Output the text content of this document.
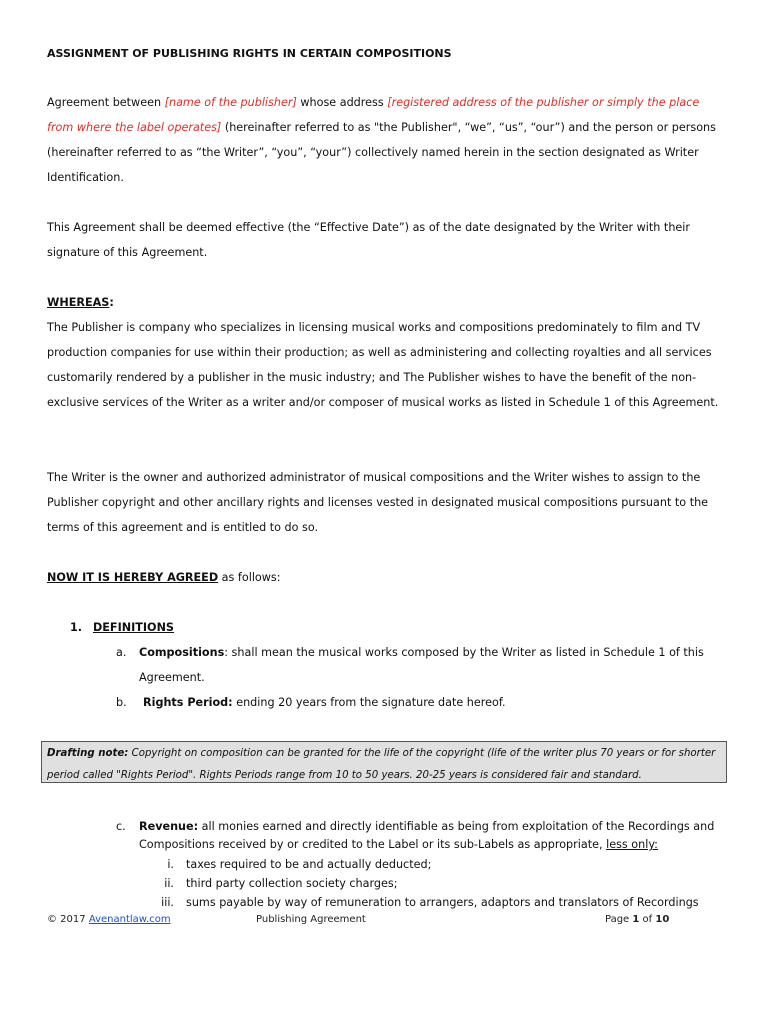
ASSIGNMENT OF PUBLISHING RIGHTS IN CERTAIN COMPOSITIONS
Agreement between [name of the publisher] whose address [registered address of the publisher or simply the place from where the label operates] (hereinafter referred to as "the Publisher", “we”, “us”, “our”) and the person or persons (hereinafter referred to as “the Writer”, “you”, “your”) collectively named herein in the section designated as Writer Identification.
This Agreement shall be deemed effective (the “Effective Date”) as of the date designated by the Writer with their signature of this Agreement.
WHEREAS:
The Publisher is company who specializes in licensing musical works and compositions predominately to film and TV production companies for use within their production; as well as administering and collecting royalties and all services customarily rendered by a publisher in the music industry; and The Publisher wishes to have the benefit of the non-exclusive services of the Writer as a writer and/or composer of musical works as listed in Schedule 1 of this Agreement.
The Writer is the owner and authorized administrator of musical compositions and the Writer wishes to assign to the Publisher copyright and other ancillary rights and licenses vested in designated musical compositions pursuant to the terms of this agreement and is entitled to do so.
NOW IT IS HEREBY AGREED as follows:
1. DEFINITIONS
a. Compositions: shall mean the musical works composed by the Writer as listed in Schedule 1 of this Agreement.
b. Rights Period: ending 20 years from the signature date hereof.
Drafting note: Copyright on composition can be granted for the life of the copyright (life of the writer plus 70 years or for shorter period called "Rights Period". Rights Periods range from 10 to 50 years. 20-25 years is considered fair and standard.
c. Revenue: all monies earned and directly identifiable as being from exploitation of the Recordings and Compositions received by or credited to the Label or its sub-Labels as appropriate, less only:
i. taxes required to be and actually deducted;
ii. third party collection society charges;
iii. sums payable by way of remuneration to arrangers, adaptors and translators of Recordings
© 2017 Avenantlaw.com	Publishing Agreement	Page 1 of 10
